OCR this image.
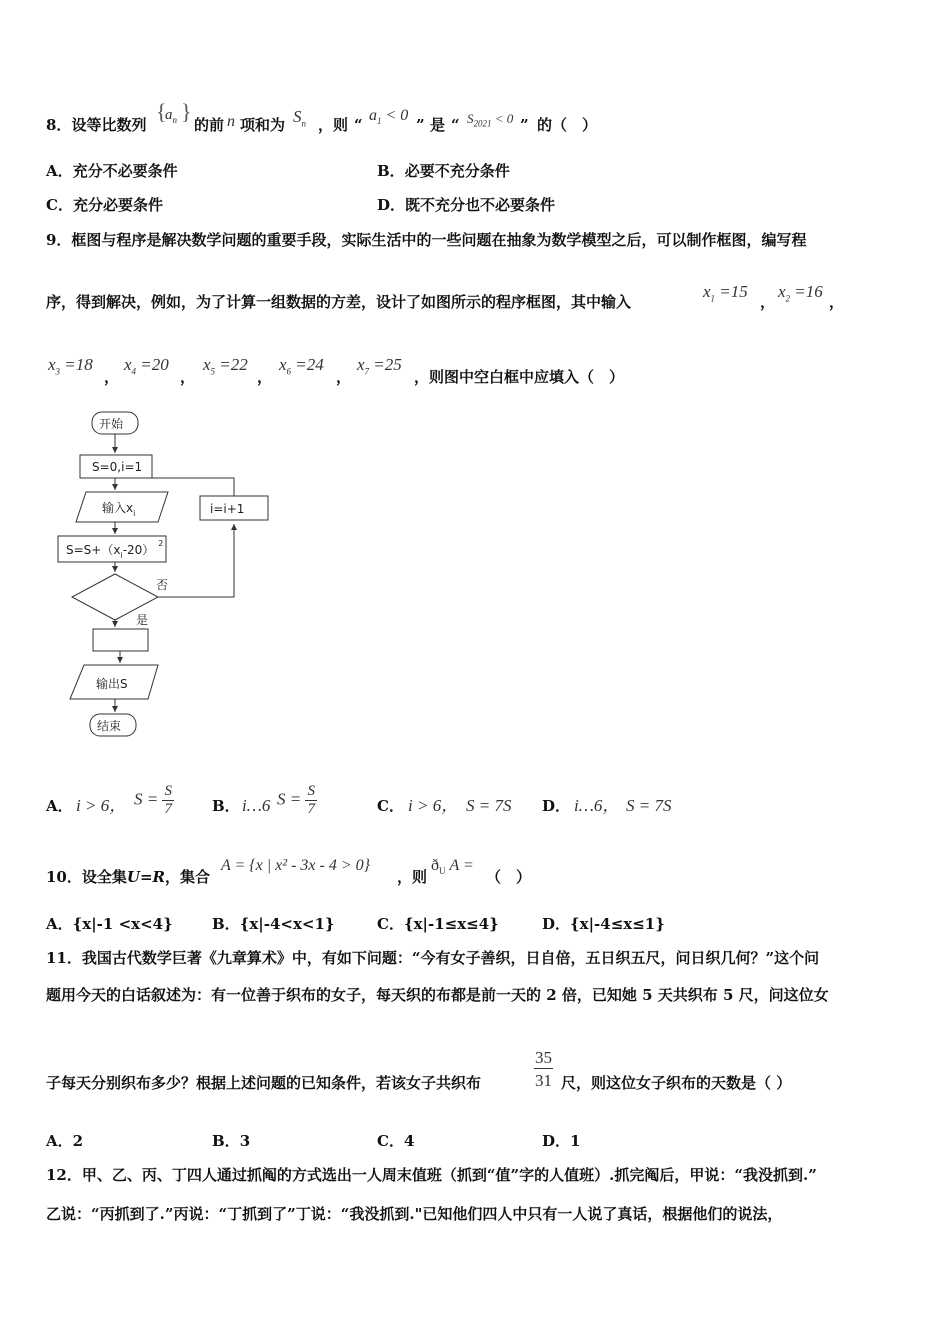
8．设等比数列
{
$a_n$ }
的前 n 项和为 $S_n$ ，则 “
$a_1 < 0$
” 是 “ $S_{2021} < 0$ ” 的（　）
A．充分不必要条件	B．必要不充分条件
C．充分必要条件	D．既不充分也不必要条件
9．框图与程序是解决数学问题的重要手段，实际生活中的一些问题在抽象为数学模型之后，可以制作框图，编写程
序，得到解决，例如，为了计算一组数据的方差，设计了如图所示的程序框图，其中输入
$x_1 =15$
，
$x_2 =16$
，
$x_3 =18$
，
$x_4 =20$
，
$x_5 =22$
，
$x_6 =24$
，
$x_7 =25$
，则图中空白框中应填入（　）
开始
S=0,i=1
输入$x_i$
$S=S+(x_i-20)$ $^2$
i=i+1
否
是
输出S
结束
A． i > 6， $S = \frac{S}{7}$	B． i…6 $S = \frac{S}{7}$	C． i > 6， S = 7S D． i…6， S = 7S
10．设全集U=R，集合
A = {x | x² - 3x - 4 > 0}
，则
$ð_U$ A =
（　）
A．{x|-1 <x<4}	B．{x|-4<x<1}	C．{x|-1≤x≤4}	D．{x|-4≤x≤1}
11．我国古代数学巨著《九章算术》中，有如下问题：“今有女子善织，日自倍，五日织五尺，问日织几何？”这个问
题用今天的白话叙述为：有一位善于织布的女子，每天织的布都是前一天的 2 倍，已知她 5 天共织布 5 尺，问这位女
子每天分别织布多少？根据上述问题的已知条件，若该女子共织布	$\frac{35}{31}$ 尺，则这位女子织布的天数是（ ）
A．2	B．3	C．4	D．1
12．甲、乙、丙、丁四人通过抓阄的方式选出一人周末值班（抓到“值”字的人值班）.抓完阄后，甲说：“我没抓到.”
乙说：“丙抓到了.”丙说：“丁抓到了”丁说：“我没抓到."已知他们四人中只有一人说了真话，根据他们的说法，
